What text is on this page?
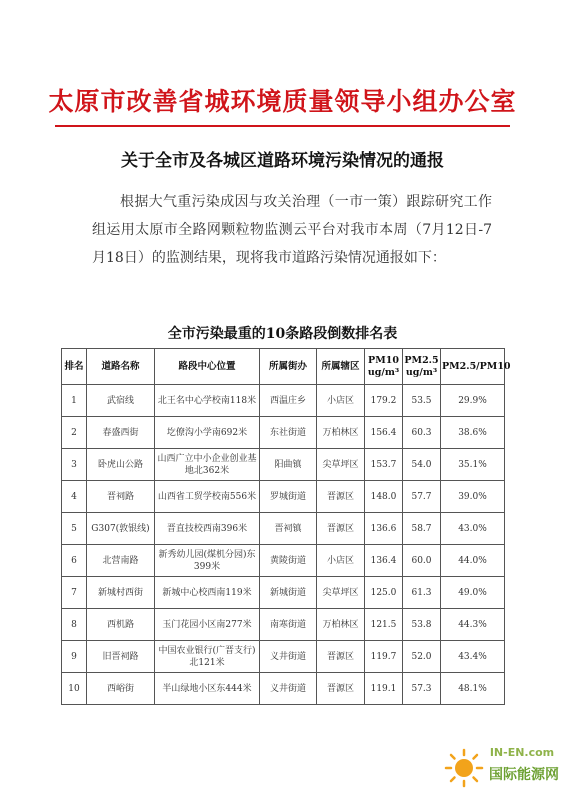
太原市改善省城环境质量领导小组办公室
关于全市及各城区道路环境污染情况的通报
根据大气重污染成因与攻关治理（一市一策）跟踪研究工作组运用太原市全路网颗粒物监测云平台对我市本周（7月12日-7月18日）的监测结果，现将我市道路污染情况通报如下：
全市污染最重的10条路段倒数排名表
排名	道路名称	路段中心位置	所属街办	所属辖区	PM10 ug/m³	PM2.5 ug/m³	PM2.5/PM10
1	武宿线	北王名中心学校南118米	西温庄乡	小店区	179.2	53.5	29.9%
2	春盛西街	圪僚沟小学南692米	东社街道	万柏林区	156.4	60.3	38.6%
3	卧虎山公路	山西广立中小企业创业基地北362米	阳曲镇	尖草坪区	153.7	54.0	35.1%
4	晋祠路	山西省工贸学校南556米	罗城街道	晋源区	148.0	57.7	39.0%
5	G307(敦银线)	晋直技校西南396米	晋祠镇	晋源区	136.6	58.7	43.0%
6	北营南路	新秀幼儿园(煤机分园)东399米	黄陵街道	小店区	136.4	60.0	44.0%
7	新城村西街	新城中心校西南119米	新城街道	尖草坪区	125.0	61.3	49.0%
8	西机路	玉门花园小区南277米	南寒街道	万柏林区	121.5	53.8	44.3%
9	旧晋祠路	中国农业银行(广晋支行)北121米	义井街道	晋源区	119.7	52.0	43.4%
10	西峪街	半山绿地小区东444米	义井街道	晋源区	119.1	57.3	48.1%
IN-EN.com
国际能源网
